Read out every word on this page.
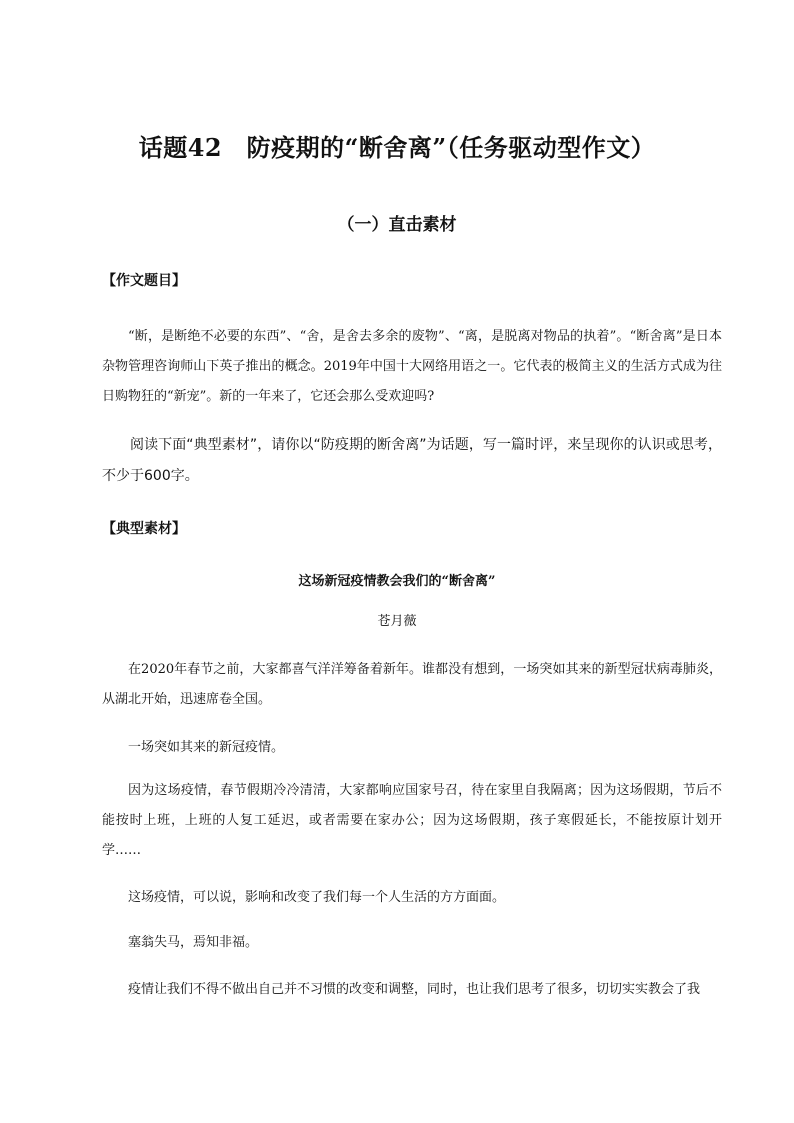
话题42　防疫期的“断舍离”（任务驱动型作文）
（一）直击素材
【作文题目】

“断，是断绝不必要的东西”、“舍，是舍去多余的废物”、“离，是脱离对物品的执着”。“断舍离”是日本杂物管理咨询师山下英子推出的概念。2019年中国十大网络用语之一。它代表的极简主义的生活方式成为往日购物狂的“新宠”。新的一年来了，它还会那么受欢迎吗?

阅读下面“典型素材”，请你以“防疫期的断舍离”为话题，写一篇时评，来呈现你的认识或思考，不少于600字。

【典型素材】
这场新冠疫情教会我们的“断舍离”
苍月薇

在2020年春节之前，大家都喜气洋洋筹备着新年。谁都没有想到，一场突如其来的新型冠状病毒肺炎，从湖北开始，迅速席卷全国。

一场突如其来的新冠疫情。

因为这场疫情，春节假期冷冷清清，大家都响应国家号召，待在家里自我隔离；因为这场假期，节后不能按时上班，上班的人复工延迟，或者需要在家办公；因为这场假期，孩子寒假延长，不能按原计划开学……

这场疫情，可以说，影响和改变了我们每一个人生活的方方面面。

塞翁失马，焉知非福。

疫情让我们不得不做出自己并不习惯的改变和调整，同时，也让我们思考了很多，切切实实教会了我
